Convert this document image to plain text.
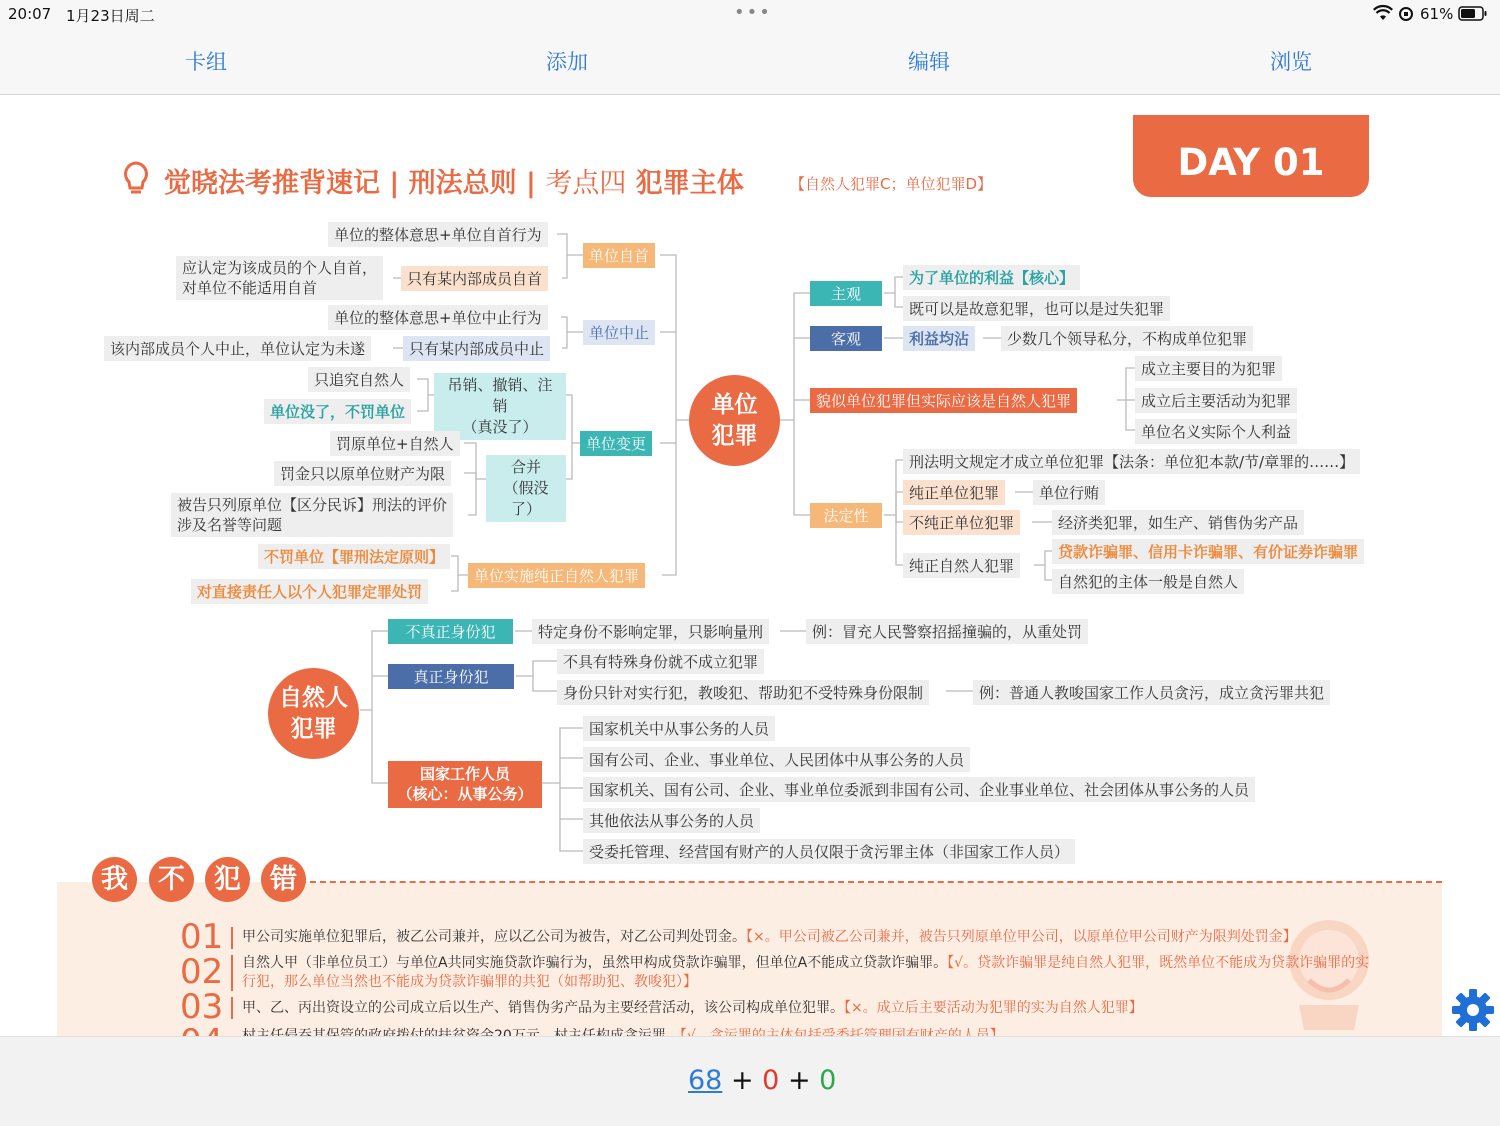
20:07 1月23日周二	•••	61%
卡组	添加	编辑	浏览
觉晓法考推背速记 | 刑法总则 | 考点四 犯罪主体	【自然人犯罪C；单位犯罪D】	DAY 01
单位
犯罪
自然人
犯罪
单位自首
单位的整体意思+单位自首行为
只有某内部成员自首
应认定为该成员的个人自首，
对单位不能适用自首
单位中止
单位的整体意思+单位中止行为
只有某内部成员中止
该内部成员个人中止，单位认定为未遂
单位变更
吊销、撤销、注销
（真没了）
只追究自然人
单位没了，不罚单位
合并
（假没了）
罚原单位+自然人
罚金只以原单位财产为限
被告只列原单位【区分民诉】刑法的评价
涉及名誉等问题
单位实施纯正自然人犯罪
不罚单位【罪刑法定原则】
对直接责任人以个人犯罪定罪处罚
主观
为了单位的利益【核心】
既可以是故意犯罪，也可以是过失犯罪
客观	利益均沾	少数几个领导私分，不构成单位犯罪
貌似单位犯罪但实际应该是自然人犯罪
成立主要目的为犯罪
成立后主要活动为犯罪
单位名义实际个人利益
法定性
刑法明文规定才成立单位犯罪【法条：单位犯本款/节/章罪的……】
纯正单位犯罪	单位行贿
不纯正单位犯罪	经济类犯罪，如生产、销售伪劣产品
纯正自然人犯罪
贷款诈骗罪、信用卡诈骗罪、有价证券诈骗罪
自然犯的主体一般是自然人
不真正身份犯	特定身份不影响定罪，只影响量刑	例：冒充人民警察招摇撞骗的，从重处罚
真正身份犯
不具有特殊身份就不成立犯罪
身份只针对实行犯，教唆犯、帮助犯不受特殊身份限制	例：普通人教唆国家工作人员贪污，成立贪污罪共犯
国家工作人员
（核心：从事公务）
国家机关中从事公务的人员
国有公司、企业、事业单位、人民团体中从事公务的人员
国家机关、国有公司、企业、事业单位委派到非国有公司、企业事业单位、社会团体从事公务的人员
其他依法从事公务的人员
受委托管理、经营国有财产的人员仅限于贪污罪主体（非国家工作人员）
我	不	犯	错
01 甲公司实施单位犯罪后，被乙公司兼并，应以乙公司为被告，对乙公司判处罚金。【×。甲公司被乙公司兼并，被告只列原单位甲公司，以原单位甲公司财产为限判处罚金】
02 自然人甲（非单位员工）与单位A共同实施贷款诈骗行为，虽然甲构成贷款诈骗罪，但单位A不能成立贷款诈骗罪。【√。贷款诈骗罪是纯自然人犯罪，既然单位不能成为贷款诈骗罪的实行犯，那么单位当然也不能成为贷款诈骗罪的共犯（如帮助犯、教唆犯）】
03 甲、乙、丙出资设立的公司成立后以生产、销售伪劣产品为主要经营活动，该公司构成单位犯罪。【×。成立后主要活动为犯罪的实为自然人犯罪】
68 + 0 + 0
